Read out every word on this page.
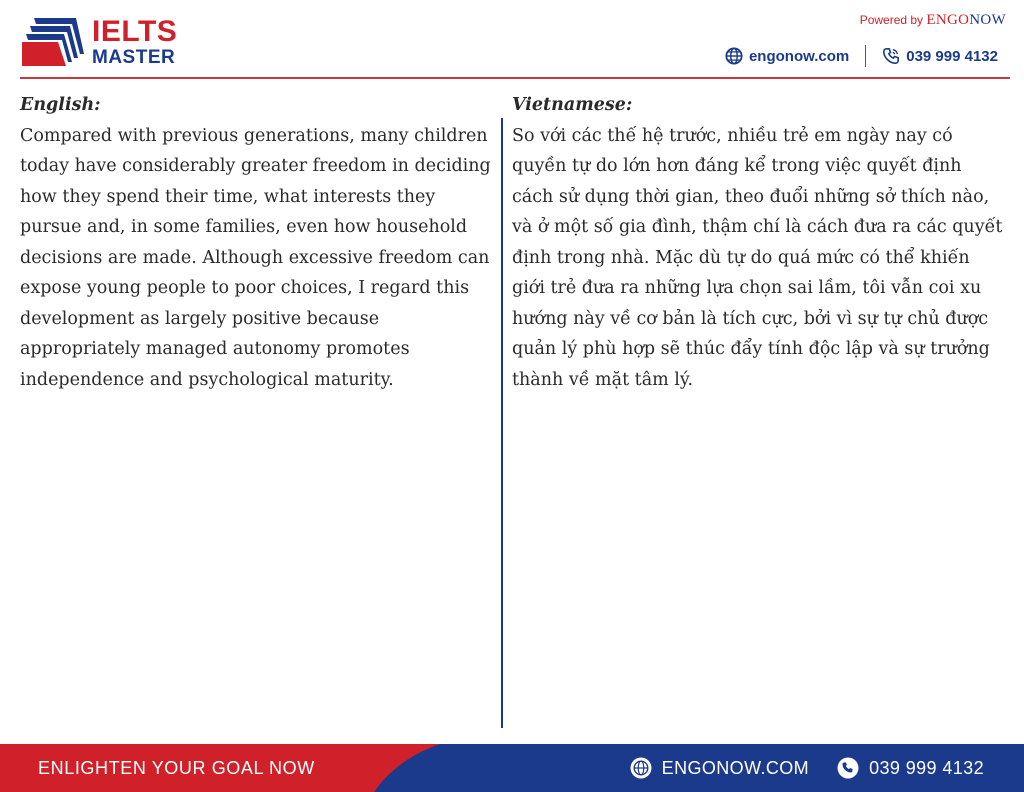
IELTS
MASTER
Powered by ENGONOW
engonow.com	039 999 4132
English:
Compared with previous generations, many children today have considerably greater freedom in deciding how they spend their time, what interests they pursue and, in some families, even how household decisions are made. Although excessive freedom can expose young people to poor choices, I regard this development as largely positive because appropriately managed autonomy promotes independence and psychological maturity.
Vietnamese:
So với các thế hệ trước, nhiều trẻ em ngày nay có quyền tự do lớn hơn đáng kể trong việc quyết định cách sử dụng thời gian, theo đuổi những sở thích nào, và ở một số gia đình, thậm chí là cách đưa ra các quyết định trong nhà. Mặc dù tự do quá mức có thể khiến giới trẻ đưa ra những lựa chọn sai lầm, tôi vẫn coi xu hướng này về cơ bản là tích cực, bởi vì sự tự chủ được quản lý phù hợp sẽ thúc đẩy tính độc lập và sự trưởng thành về mặt tâm lý.
ENLIGHTEN YOUR GOAL NOW	ENGONOW.COM	039 999 4132
